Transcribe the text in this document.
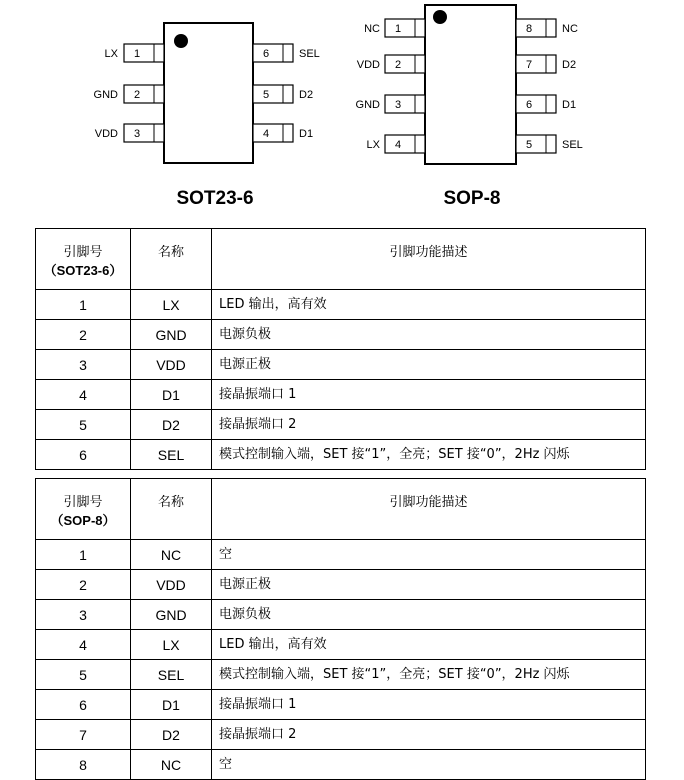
1
LX
2
GND
3
VDD
6	SEL
5	D2
4	D1
1
NC
2
VDD
3
GND
4
LX
8	NC
7	D2
6	D1
5	SEL
SOT23-6	SOP-8
引脚号
（SOT23-6）	名称	引脚功能描述
1	LX	LED 输出，高有效
2	GND	电源负极
3	VDD	电源正极
4	D1	接晶振端口 1
5	D2	接晶振端口 2
6	SEL	模式控制输入端，SET 接“1”，全亮；SET 接“0”，2Hz 闪烁
引脚号
（SOP-8）	名称	引脚功能描述
1	NC	空
2	VDD	电源正极
3	GND	电源负极
4	LX	LED 输出，高有效
5	SEL	模式控制输入端，SET 接“1”，全亮；SET 接“0”，2Hz 闪烁
6	D1	接晶振端口 1
7	D2	接晶振端口 2
8	NC	空
